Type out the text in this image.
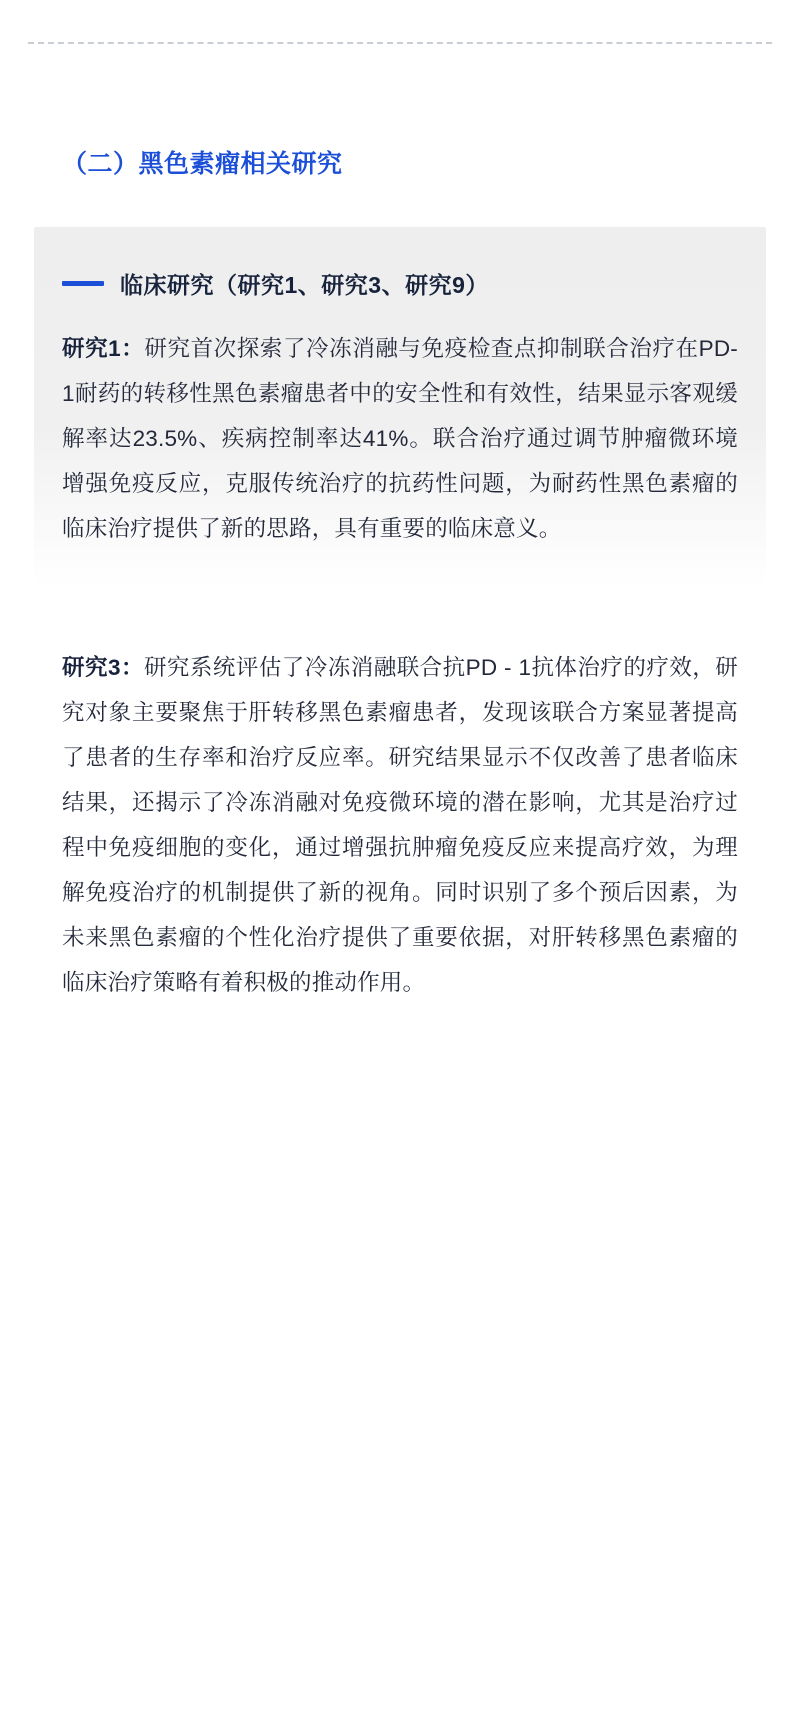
（二）黑色素瘤相关研究
临床研究（研究1、研究3、研究9）

研究1：研究首次探索了冷冻消融与免疫检查点抑制联合治疗在PD-1耐药的转移性黑色素瘤患者中的安全性和有效性，结果显示客观缓解率达23.5%、疾病控制率达41%。联合治疗通过调节肿瘤微环境增强免疫反应，克服传统治疗的抗药性问题，为耐药性黑色素瘤的临床治疗提供了新的思路，具有重要的临床意义。

研究3：研究系统评估了冷冻消融联合抗PD - 1抗体治疗的疗效，研究对象主要聚焦于肝转移黑色素瘤患者，发现该联合方案显著提高了患者的生存率和治疗反应率。研究结果显示不仅改善了患者临床结果，还揭示了冷冻消融对免疫微环境的潜在影响，尤其是治疗过程中免疫细胞的变化，通过增强抗肿瘤免疫反应来提高疗效，为理解免疫治疗的机制提供了新的视角。同时识别了多个预后因素，为未来黑色素瘤的个性化治疗提供了重要依据，对肝转移黑色素瘤的临床治疗策略有着积极的推动作用。
